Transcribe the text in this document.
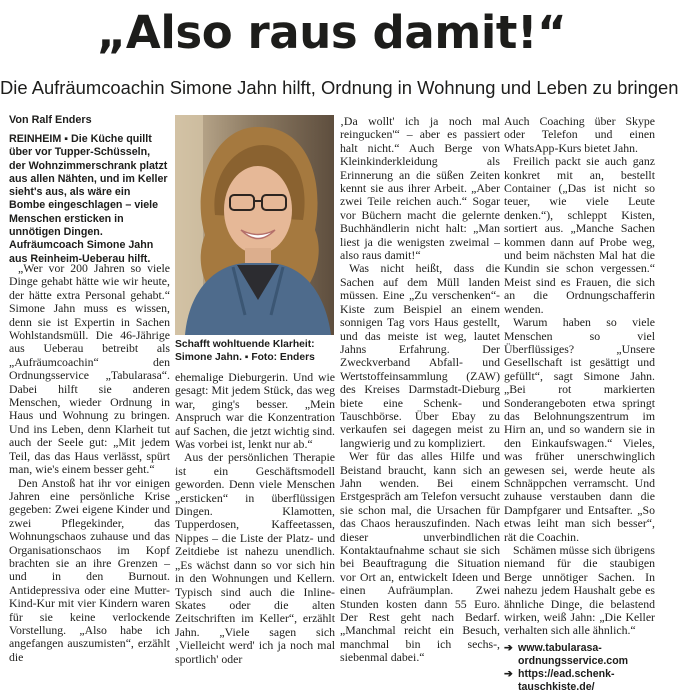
„Also raus damit!“
Die Aufräumcoachin Simone Jahn hilft, Ordnung in Wohnung und Leben zu bringen
Von Ralf Enders
REINHEIM ▪ Die Küche quillt über vor Tupper-Schüsseln, der Wohnzimmerschrank platzt aus allen Nähten, und im Keller sieht's aus, als wäre ein Bombe eingeschlagen – viele Menschen ersticken in unnötigen Dingen. Aufräumcoach Simone Jahn aus Reinheim-Ueberau hilft.
Schafft wohltuende Klarheit: Simone Jahn. ▪ Foto: Enders

„Wer vor 200 Jahren so viele Dinge gehabt hätte wie wir heute, der hätte extra Personal gehabt.“ Simone Jahn muss es wissen, denn sie ist Expertin in Sachen Wohlstandsmüll. Die 46-Jährige aus Ueberau betreibt als „Aufräumcoachin“ den Ordnungsservice „Tabularasa“. Dabei hilft sie anderen Menschen, wieder Ordnung in Haus und Wohnung zu bringen. Und ins Leben, denn Klarheit tut auch der Seele gut: „Mit jedem Teil, das das Haus verlässt, spürt man, wie's einem besser geht.“

Den Anstoß hat ihr vor einigen Jahren eine persönliche Krise gegeben: Zwei eigene Kinder und zwei Pflegekinder, das Wohnungschaos zuhause und das Organisationschaos im Kopf brachten sie an ihre Grenzen – und in den Burnout. Antidepressiva oder eine Mutter-Kind-Kur mit vier Kindern waren für sie keine verlockende Vorstellung. „Also habe ich angefangen auszumisten“, erzählt die

ehemalige Dieburgerin. Und wie gesagt: Mit jedem Stück, das weg war, ging's besser. „Mein Anspruch war die Konzentration auf Sachen, die jetzt wichtig sind. Was vorbei ist, lenkt nur ab.“

Aus der persönlichen Therapie ist ein Geschäftsmodell geworden. Denn viele Menschen „ersticken“ in überflüssigen Dingen. Klamotten, Tupperdosen, Kaffeetassen, Nippes – die Liste der Platz- und Zeitdiebe ist nahezu unendlich. „Es wächst dann so vor sich hin in den Wohnungen und Kellern. Typisch sind auch die Inline-Skates oder die alten Zeitschriften im Keller“, erzählt Jahn. „Viele sagen sich ‚Vielleicht werd' ich ja noch mal sportlich' oder

‚Da wollt' ich ja noch mal reingucken'“ – aber es passiert halt nicht.“ Auch Berge von Kleinkinderkleidung als Erinnerung an die süßen Zeiten kennt sie aus ihrer Arbeit. „Aber zwei Teile reichen auch.“ Sogar vor Büchern macht die gelernte Buchhändlerin nicht halt: „Man liest ja die wenigsten zweimal – also raus damit!“

Was nicht heißt, dass die Sachen auf dem Müll landen müssen. Eine „Zu verschenken“-Kiste zum Beispiel an einem sonnigen Tag vors Haus gestellt, und das meiste ist weg, lautet Jahns Erfahrung. Der Zweckverband Abfall- und Wertstoffeinsammlung (ZAW) des Kreises Darmstadt-Dieburg biete eine Schenk- und Tauschbörse. Über Ebay zu verkaufen sei dagegen meist zu langwierig und zu kompliziert.

Wer für das alles Hilfe und Beistand braucht, kann sich an Jahn wenden. Bei einem Erstgespräch am Telefon versucht sie schon mal, die Ursachen für das Chaos herauszufinden. Nach dieser unverbindlichen Kontaktaufnahme schaut sie sich bei Beauftragung die Situation vor Ort an, entwickelt Ideen und einen Aufräumplan. Zwei Stunden kosten dann 55 Euro. Der Rest geht nach Bedarf. „Manchmal reicht ein Besuch, manchmal bin ich sechs-, siebenmal dabei.“

Auch Coaching über Skype oder Telefon und einen WhatsApp-Kurs bietet Jahn.

Freilich packt sie auch ganz konkret mit an, bestellt Container („Das ist nicht so teuer, wie viele Leute denken.“), schleppt Kisten, sortiert aus. „Manche Sachen kommen dann auf Probe weg, und beim nächsten Mal hat die Kundin sie schon vergessen.“ Meist sind es Frauen, die sich an die Ordnungschafferin wenden.

Warum haben so viele Menschen so viel Überflüssiges? „Unsere Gesellschaft ist gesättigt und gefüllt“, sagt Simone Jahn. „Bei rot markierten Sonderangeboten etwa springt das Belohnungszentrum im Hirn an, und so wandern sie in den Einkaufswagen.“ Vieles, was früher unerschwinglich gewesen sei, werde heute als Schnäppchen verramscht. Und zuhause verstauben dann die Dampfgarer und Entsafter. „So etwas leiht man sich besser“, rät die Coachin.

Schämen müsse sich übrigens niemand für die staubigen Berge unnötiger Sachen. In nahezu jedem Haushalt gebe es ähnliche Dinge, die belastend wirken, weiß Jahn: „Die Keller verhalten sich alle ähnlich.“

➔ www.tabularasa-
ordnungsservice.com
➔ https://ead.schenk-
tauschkiste.de/
